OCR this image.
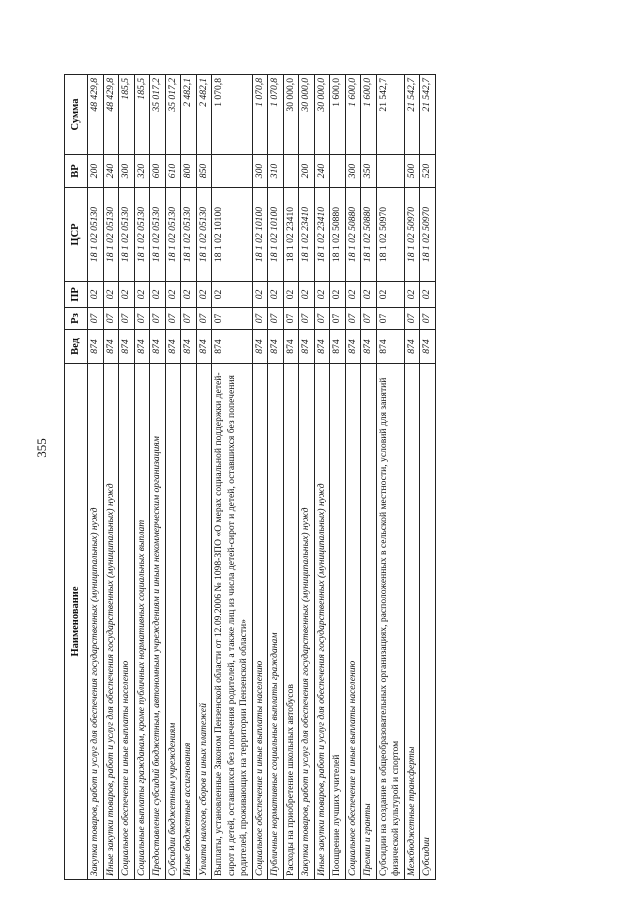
355
Наименование	Вед	Рз	ПР	ЦСР	ВР	Сумма
Закупка товаров, работ и услуг для обеспечения государственных (муниципальных) нужд	874	07	02	18 1 02 05130	200	48 429,8
Иные закупки товаров, работ и услуг для обеспечения государственных (муниципальных) нужд	874	07	02	18 1 02 05130	240	48 429,8
Социальное обеспечение и иные выплаты населению	874	07	02	18 1 02 05130	300	185,5
Социальные выплаты гражданам, кроме публичных нормативных социальных выплат	874	07	02	18 1 02 05130	320	185,5
Предоставление субсидий бюджетным, автономным учреждениям и иным некоммерческим организациям	874	07	02	18 1 02 05130	600	35 017,2
Субсидии бюджетным учреждениям	874	07	02	18 1 02 05130	610	35 017,2
Иные бюджетные ассигнования	874	07	02	18 1 02 05130	800	2 482,1
Уплата налогов, сборов и иных платежей	874	07	02	18 1 02 05130	850	2 482,1
Выплаты, установленные Законом Пензенской области от 12.09.2006 № 1098-ЗПО «О мерах социальной поддержки детей-сирот и детей, оставшихся без попечения родителей, а также лиц из числа детей-сирот и детей, оставшихся без попечения родителей, проживающих на территории Пензенской области»	874	07	02	18 1 02 10100		1 070,8
Социальное обеспечение и иные выплаты населению	874	07	02	18 1 02 10100	300	1 070,8
Публичные нормативные социальные выплаты гражданам	874	07	02	18 1 02 10100	310	1 070,8
Расходы на приобретение школьных автобусов	874	07	02	18 1 02 23410		30 000,0
Закупка товаров, работ и услуг для обеспечения государственных (муниципальных) нужд	874	07	02	18 1 02 23410	200	30 000,0
Иные закупки товаров, работ и услуг для обеспечения государственных (муниципальных) нужд	874	07	02	18 1 02 23410	240	30 000,0
Поощрение лучших учителей	874	07	02	18 1 02 50880		1 600,0
Социальное обеспечение и иные выплаты населению	874	07	02	18 1 02 50880	300	1 600,0
Премии и гранты	874	07	02	18 1 02 50880	350	1 600,0
Субсидии на создание в общеобразовательных организациях, расположенных в сельской местности, условий для занятий физической культурой и спортом	874	07	02	18 1 02 50970		21 542,7
Межбюджетные трансферты	874	07	02	18 1 02 50970	500	21 542,7
Субсидии	874	07	02	18 1 02 50970	520	21 542,7
